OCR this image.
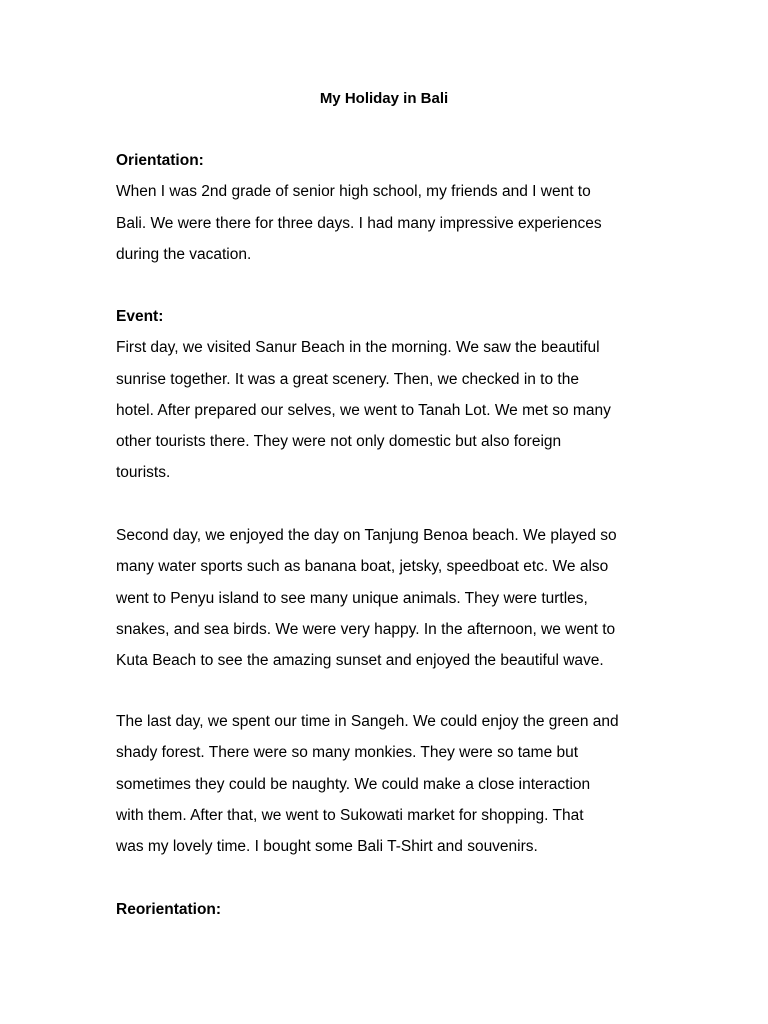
My Holiday in Bali
Orientation:
When I was 2nd grade of senior high school, my friends and I went to
Bali. We were there for three days. I had many impressive experiences
during the vacation.
Event:
First day, we visited Sanur Beach in the morning. We saw the beautiful
sunrise together. It was a great scenery. Then, we checked in to the
hotel. After prepared our selves, we went to Tanah Lot. We met so many
other tourists there. They were not only domestic but also foreign
tourists.
Second day, we enjoyed the day on Tanjung Benoa beach. We played so
many water sports such as banana boat, jetsky, speedboat etc. We also
went to Penyu island to see many unique animals. They were turtles,
snakes, and sea birds. We were very happy. In the afternoon, we went to
Kuta Beach to see the amazing sunset and enjoyed the beautiful wave.
The last day, we spent our time in Sangeh. We could enjoy the green and
shady forest. There were so many monkies. They were so tame but
sometimes they could be naughty. We could make a close interaction
with them. After that, we went to Sukowati market for shopping. That
was my lovely time. I bought some Bali T-Shirt and souvenirs.
Reorientation:
